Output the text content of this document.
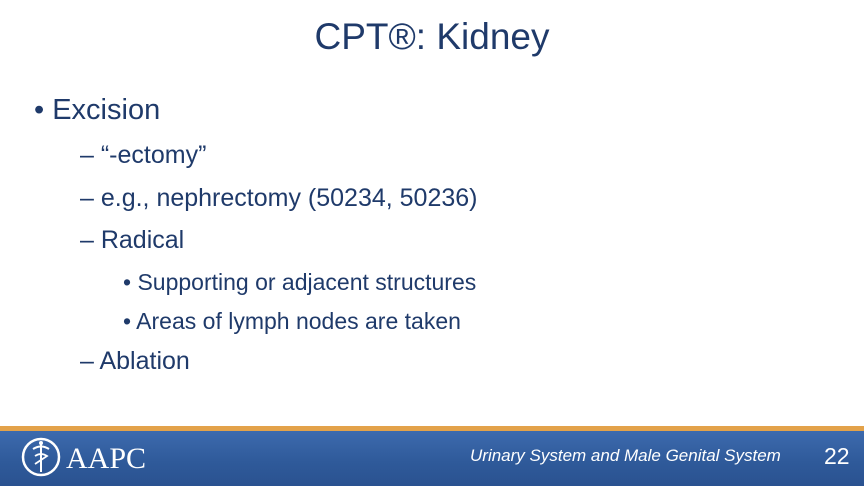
CPT®: Kidney
• Excision
– “-ectomy”
– e.g., nephrectomy (50234, 50236)
– Radical
• Supporting or adjacent structures
• Areas of lymph nodes are taken
– Ablation
AAPC	Urinary System and Male Genital System 22
